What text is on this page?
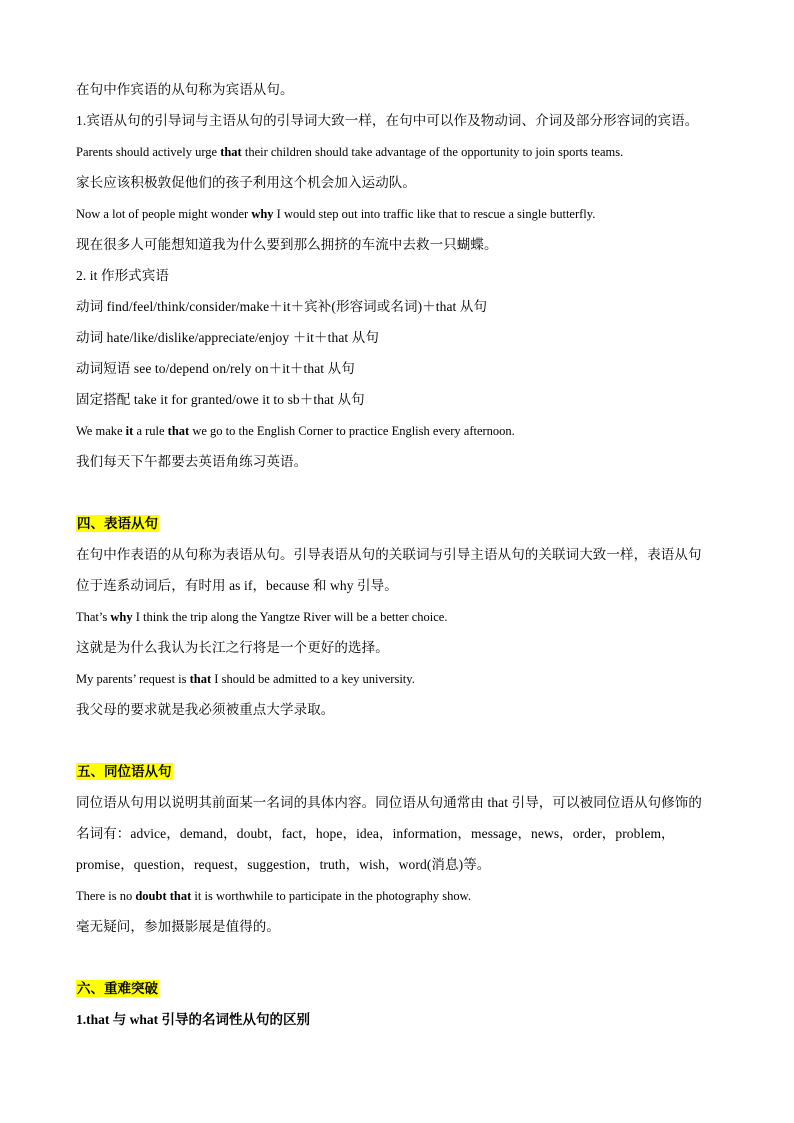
在句中作宾语的从句称为宾语从句。
1.宾语从句的引导词与主语从句的引导词大致一样，在句中可以作及物动词、介词及部分形容词的宾语。
Parents should actively urge that their children should take advantage of the opportunity to join sports teams.
家长应该积极敦促他们的孩子利用这个机会加入运动队。
Now a lot of people might wonder why I would step out into traffic like that to rescue a single butterfly.
现在很多人可能想知道我为什么要到那么拥挤的车流中去救一只蝴蝶。
2. it 作形式宾语
动词 find/feel/think/consider/make＋it＋宾补(形容词或名词)＋that 从句
动词 hate/like/dislike/appreciate/enjoy ＋it＋that 从句
动词短语 see to/depend on/rely on＋it＋that 从句
固定搭配 take it for granted/owe it to sb＋that 从句
We make it a rule that we go to the English Corner to practice English every afternoon.
我们每天下午都要去英语角练习英语。
四、表语从句
在句中作表语的从句称为表语从句。引导表语从句的关联词与引导主语从句的关联词大致一样，表语从句
位于连系动词后，有时用 as if，because 和 why 引导。
That’s why I think the trip along the Yangtze River will be a better choice.
这就是为什么我认为长江之行将是一个更好的选择。
My parents’ request is that I should be admitted to a key university.
我父母的要求就是我必须被重点大学录取。
五、同位语从句
同位语从句用以说明其前面某一名词的具体内容。同位语从句通常由 that 引导，可以被同位语从句修饰的
名词有：advice，demand，doubt，fact，hope，idea，information，message，news，order，problem，
promise，question，request，suggestion，truth，wish，word(消息)等。
There is no doubt that it is worthwhile to participate in the photography show.
毫无疑问，参加摄影展是值得的。
六、重难突破
1.that 与 what 引导的名词性从句的区别
